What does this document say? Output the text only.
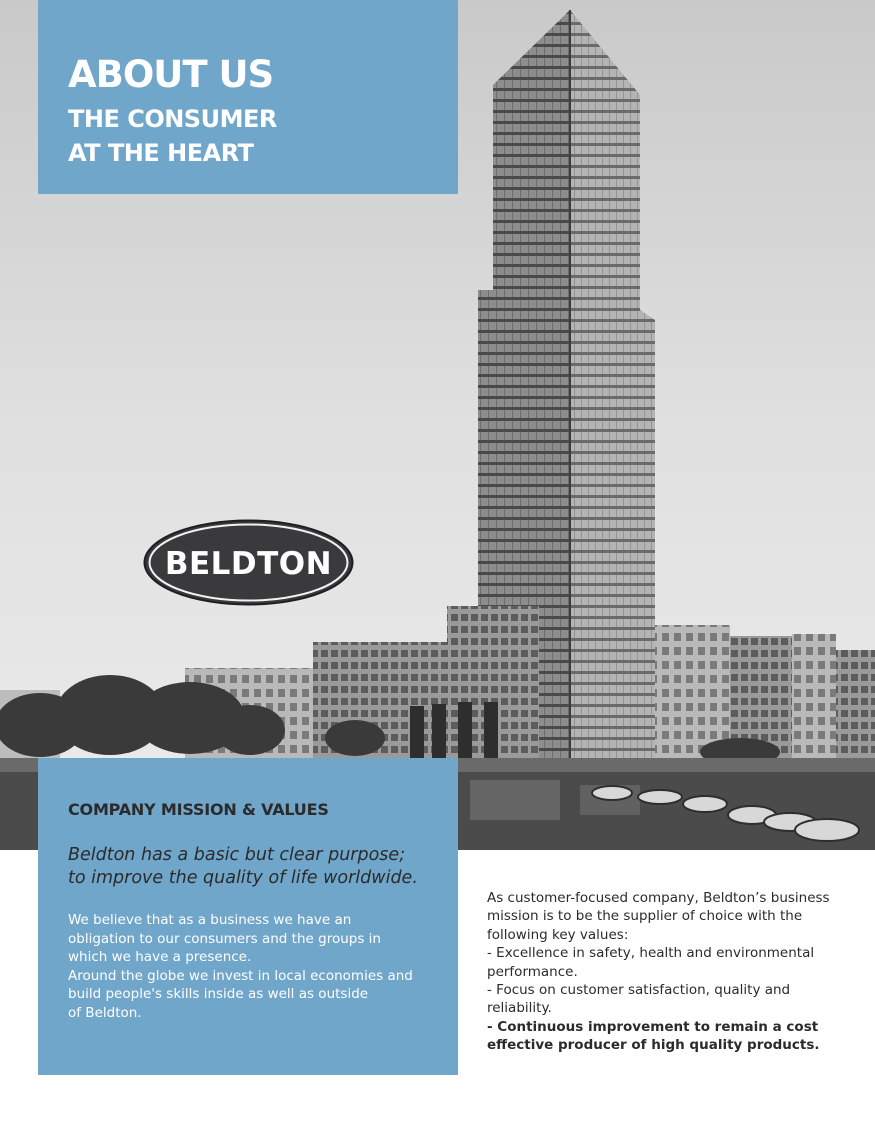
ABOUT US
THE CONSUMER
AT THE HEART
BELDTON
COMPANY MISSION & VALUES
Beldton has a basic but clear purpose;
to improve the quality of life worldwide.
We believe that as a business we have an
obligation to our consumers and the groups in
which we have a presence.
Around the globe we invest in local economies and
build people's skills inside as well as outside
of Beldton.

As customer-focused company, Beldton’s business

mission is to be the supplier of choice with the

following key values:

- Excellence in safety, health and environmental

performance.

- Focus on customer satisfaction, quality and

reliability.

- Continuous improvement to remain a cost

effective producer of high quality products.
